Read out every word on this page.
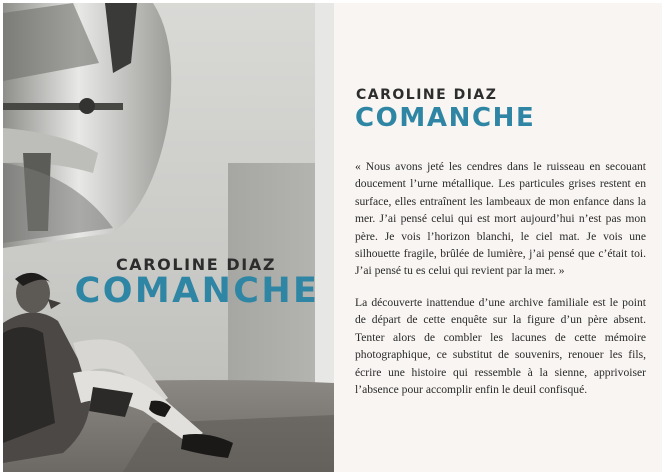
CAROLINE DIAZ
COMANCHE
CAROLINE DIAZ
COMANCHE

« Nous avons jeté les cendres dans le ruisseau en secouant doucement l’urne métallique. Les particules grises restent en surface, elles entraînent les lambeaux de mon enfance dans la mer. J’ai pensé celui qui est mort aujourd’hui n’est pas mon père. Je vois l’horizon blanchi, le ciel mat. Je vois une silhouette fragile, brûlée de lumière, j’ai pensé que c’était toi. J’ai pensé tu es celui qui revient par la mer. »

La découverte inattendue d’une archive familiale est le point de départ de cette enquête sur la figure d’un père absent. Tenter alors de combler les lacunes de cette mémoire photographique, ce substitut de souvenirs, renouer les fils, écrire une histoire qui ressemble à la sienne, apprivoiser l’absence pour accomplir enfin le deuil confisqué.
